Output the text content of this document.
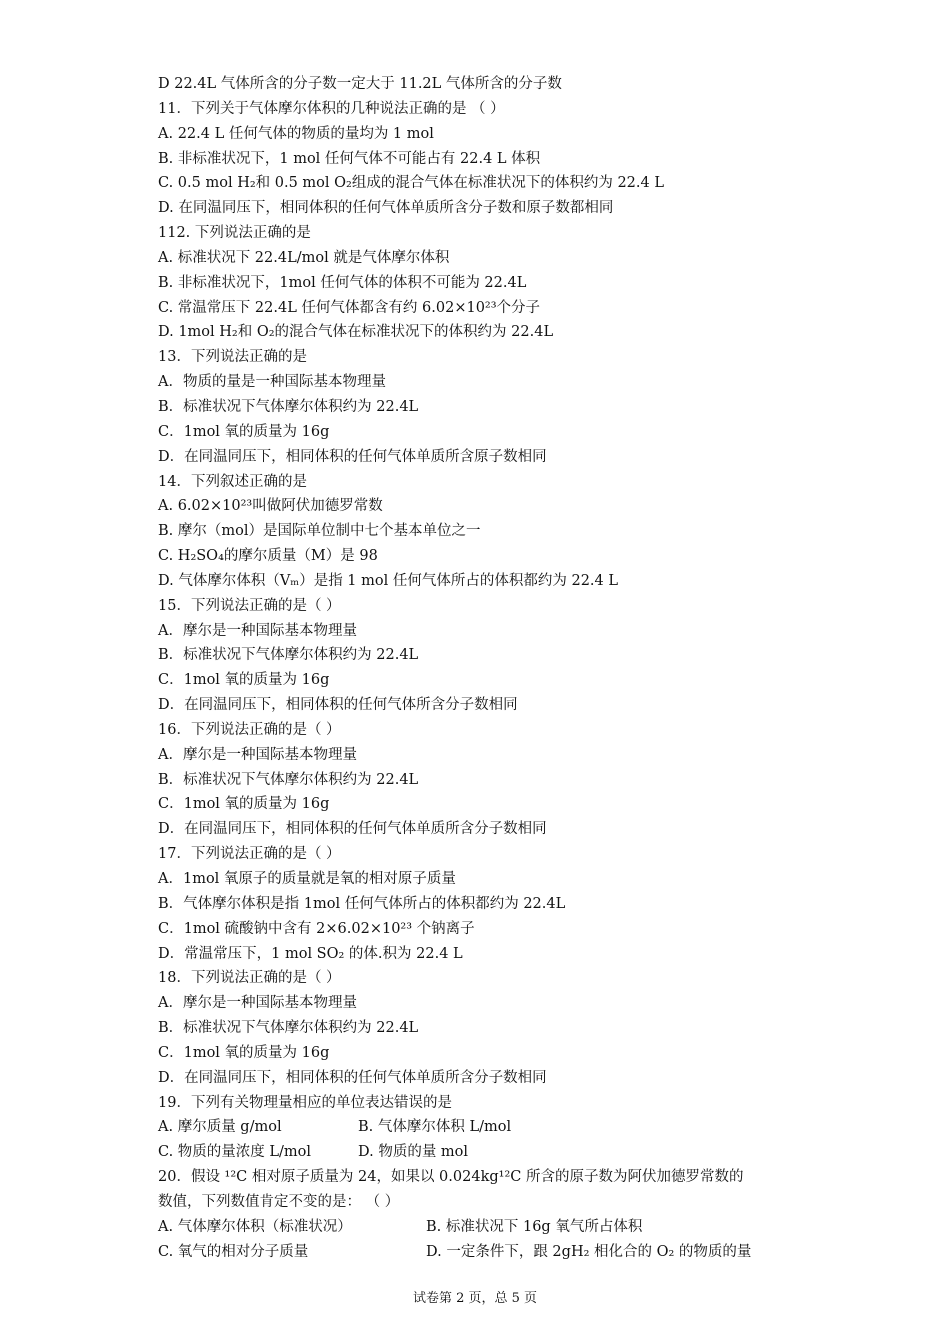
D 22.4L 气体所含的分子数一定大于 11.2L 气体所含的分子数
11．下列关于气体摩尔体积的几种说法正确的是 （ ）
A. 22.4 L 任何气体的物质的量均为 1 mol
B. 非标准状况下，1 mol 任何气体不可能占有 22.4 L 体积
C. 0.5 mol H₂和 0.5 mol O₂组成的混合气体在标准状况下的体积约为 22.4 L
D. 在同温同压下，相同体积的任何气体单质所含分子数和原子数都相同
112. 下列说法正确的是
A. 标准状况下 22.4L/mol 就是气体摩尔体积
B. 非标准状况下，1mol 任何气体的体积不可能为 22.4L
C. 常温常压下 22.4L 任何气体都含有约 6.02×10²³个分子
D. 1mol H₂和 O₂的混合气体在标准状况下的体积约为 22.4L
13．下列说法正确的是
A．物质的量是一种国际基本物理量
B．标准状况下气体摩尔体积约为 22.4L
C．1mol 氧的质量为 16g
D．在同温同压下，相同体积的任何气体单质所含原子数相同
14．下列叙述正确的是
A. 6.02×10²³叫做阿伏加德罗常数
B. 摩尔（mol）是国际单位制中七个基本单位之一
C. H₂SO₄的摩尔质量（M）是 98
D. 气体摩尔体积（Vₘ）是指 1 mol 任何气体所占的体积都约为 22.4 L
15．下列说法正确的是（ ）
A．摩尔是一种国际基本物理量
B．标准状况下气体摩尔体积约为 22.4L
C．1mol 氧的质量为 16g
D．在同温同压下，相同体积的任何气体所含分子数相同
16．下列说法正确的是（ ）
A．摩尔是一种国际基本物理量
B．标准状况下气体摩尔体积约为 22.4L
C．1mol 氧的质量为 16g
D．在同温同压下，相同体积的任何气体单质所含分子数相同
17．下列说法正确的是（ ）
A．1mol 氧原子的质量就是氧的相对原子质量
B．气体摩尔体积是指 1mol 任何气体所占的体积都约为 22.4L
C．1mol 硫酸钠中含有 2×6.02×10²³ 个钠离子
D．常温常压下，1 mol SO₂ 的体.积为 22.4 L
18．下列说法正确的是（ ）
A．摩尔是一种国际基本物理量
B．标准状况下气体摩尔体积约为 22.4L
C．1mol 氧的质量为 16g
D．在同温同压下，相同体积的任何气体单质所含分子数相同
19．下列有关物理量相应的单位表达错误的是
A. 摩尔质量 g/mol	B. 气体摩尔体积 L/mol
C. 物质的量浓度 L/mol	D. 物质的量 mol
20．假设 ¹²C 相对原子质量为 24，如果以 0.024kg¹²C 所含的原子数为阿伏加德罗常数的
数值，下列数值肯定不变的是： （ ）
A. 气体摩尔体积（标准状况）	B. 标准状况下 16g 氧气所占体积
C. 氧气的相对分子质量	D. 一定条件下，跟 2gH₂ 相化合的 O₂ 的物质的量
试卷第 2 页，总 5 页
